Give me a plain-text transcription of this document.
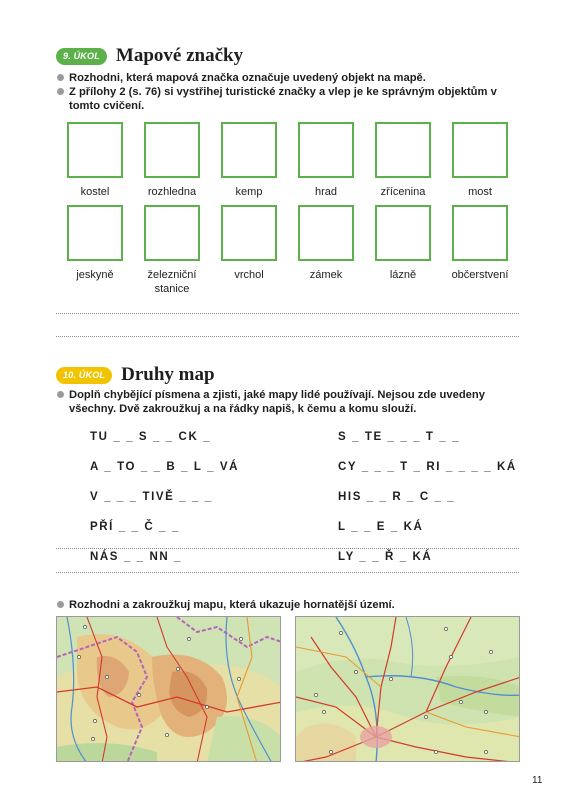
9. ÚKOL Mapové značky
Rozhodni, která mapová značka označuje uvedený objekt na mapě.
Z přílohy 2 (s. 76) si vystřihej turistické značky a vlep je ke správným objektům v tomto cvičení.
kostel	rozhledna	kemp	hrad	zřícenina	most
jeskyně	železniční stanice
vrchol	zámek	lázně	občerstvení
10. ÚKOL Druhy map
Doplň chybějící písmena a zjisti, jaké mapy lidé používají. Nejsou zde uvedeny všechny. Dvě zakroužkuj a na řádky napiš, k čemu a komu slouží.
TU _ _ S _ _ CK _
A _ TO _ _ B _ L _ VÁ
V _ _ _ TIVĚ _ _ _
PŘÍ _ _ Č _ _
NÁS _ _ NN _
S _ TE _ _ _ T _ _
CY _ _ _ T _ RI _ _ _ _ KÁ
HIS _ _ R _ C _ _
L _ _ E _ KÁ
LY _ _ Ř _ KÁ
Rozhodni a zakroužkuj mapu, která ukazuje hornatější území.
11
